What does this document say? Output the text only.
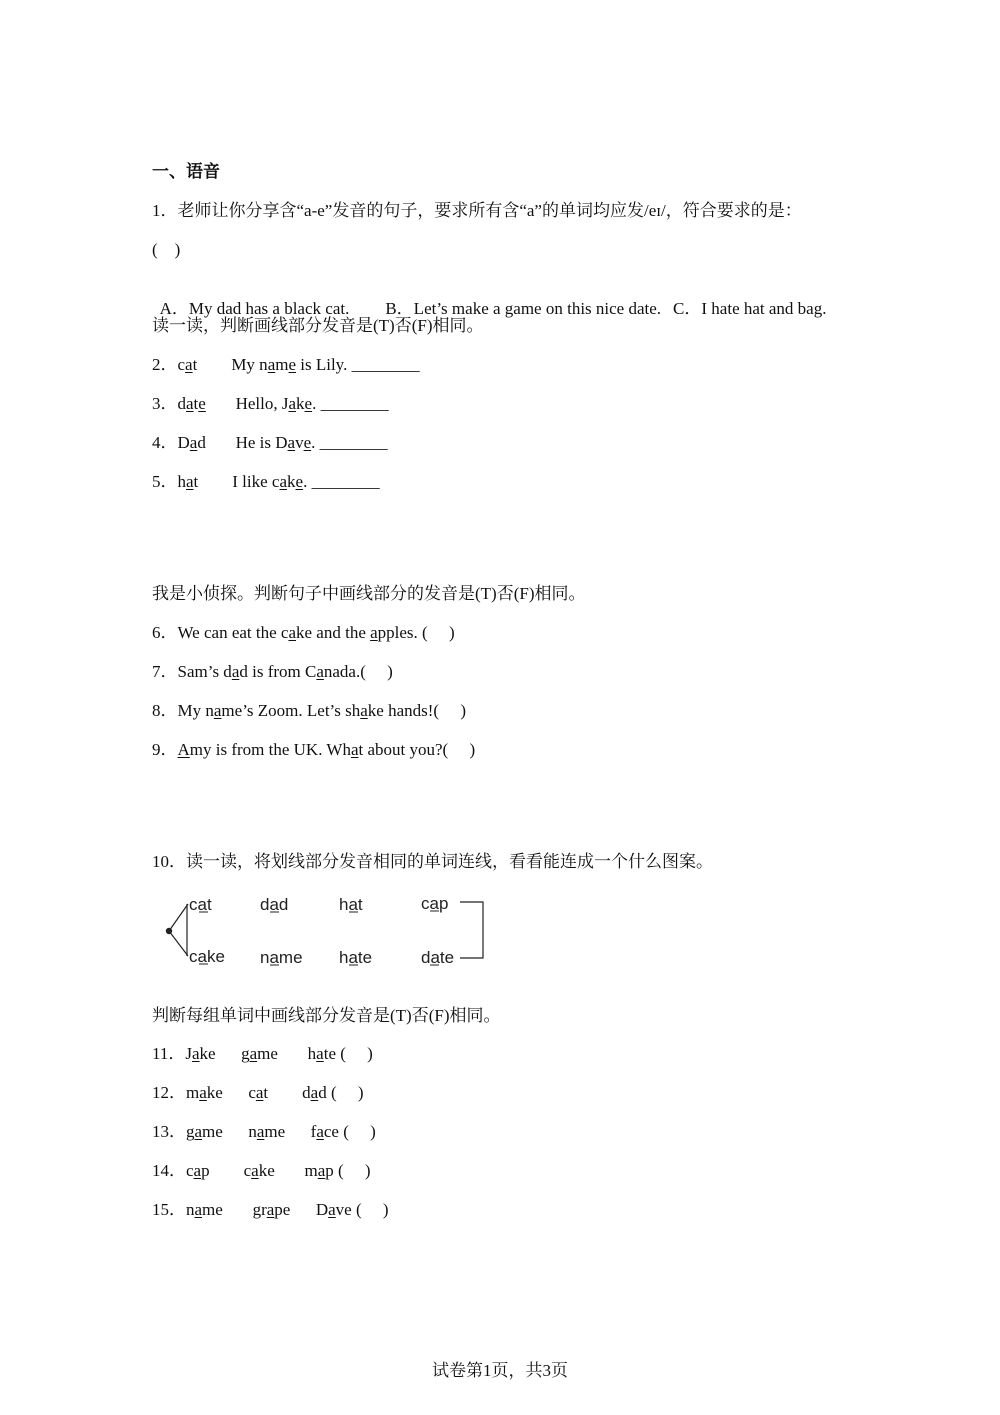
一、语音
1．老师让你分享含“a-e”发音的句子，要求所有含“a”的单词均应发/eɪ/，符合要求的是：
(　)

A．My dad has a black cat. B．Let’s make a game on this nice date. C．I hate hat and bag.

读一读，判断画线部分发音是(T)否(F)相同。
2．cat        My name is Lily. ________
3．date       Hello, Jake. ________
4．Dad       He is Dave. ________
5．hat        I like cake. ________
我是小侦探。判断句子中画线部分的发音是(T)否(F)相同。
6．We can eat the cake and the apples. (     )
7．Sam’s dad is from Canada.(     )
8．My name’s Zoom. Let’s shake hands!(     )
9．Amy is from the UK. What about you?(     )
10．读一读，将划线部分发音相同的单词连线，看看能连成一个什么图案。
cat	dad	hat	cap
cake name hate	date
判断每组单词中画线部分发音是(T)否(F)相同。
11．Jake      game       hate (     )
12．make      cat        dad (     )
13．game      name      face (     )
14．cap        cake       map (     )
15．name       grape      Dave (     )
试卷第1页，共3页
